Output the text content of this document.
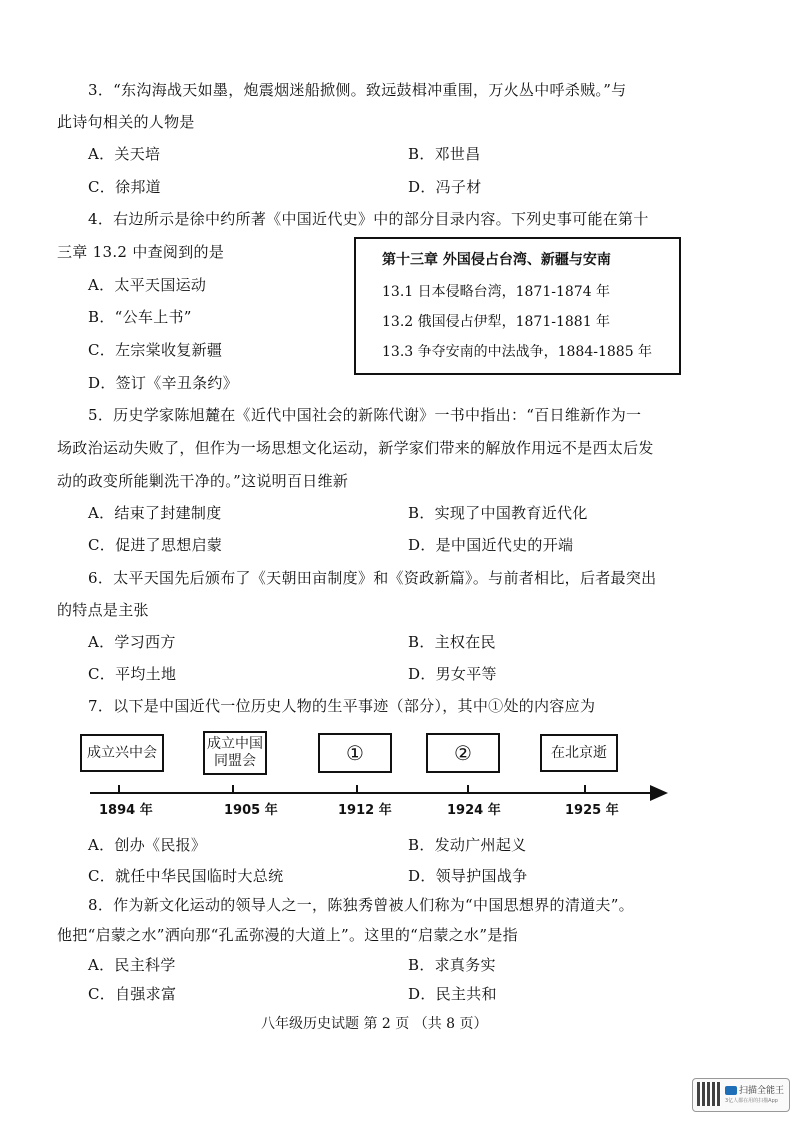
3．“东沟海战天如墨，炮震烟迷船掀侧。致远鼓楫冲重围，万火丛中呼杀贼。”与
此诗句相关的人物是
A．关天培	B．邓世昌
C．徐邦道	D．冯子材
4．右边所示是徐中约所著《中国近代史》中的部分目录内容。下列史事可能在第十
三章 13.2 中查阅到的是
A．太平天国运动
B．“公车上书”
C．左宗棠收复新疆
D．签订《辛丑条约》
第十三章 外国侵占台湾、新疆与安南
13.1 日本侵略台湾，1871-1874 年
13.2 俄国侵占伊犁，1871-1881 年
13.3 争夺安南的中法战争，1884-1885 年
5．历史学家陈旭麓在《近代中国社会的新陈代谢》一书中指出：“百日维新作为一
场政治运动失败了，但作为一场思想文化运动，新学家们带来的解放作用远不是西太后发
动的政变所能剿洗干净的。”这说明百日维新
A．结束了封建制度	B．实现了中国教育近代化
C．促进了思想启蒙	D．是中国近代史的开端
6．太平天国先后颁布了《天朝田亩制度》和《资政新篇》。与前者相比，后者最突出
的特点是主张
A．学习西方	B．主权在民
C．平均土地	D．男女平等
7．以下是中国近代一位历史人物的生平事迹（部分），其中①处的内容应为
成立兴中会
成立中国
同盟会	①	②	在北京逝
1894 年	1905 年	1912 年	1924 年	1925 年
A．创办《民报》	B．发动广州起义
C．就任中华民国临时大总统	D．领导护国战争
8．作为新文化运动的领导人之一，陈独秀曾被人们称为“中国思想界的清道夫”。
他把“启蒙之水”洒向那“孔孟弥漫的大道上”。这里的“启蒙之水”是指
A．民主科学	B．求真务实
C．自强求富	D．民主共和
八年级历史试题 第 2 页 （共 8 页）
扫描全能王
3亿人都在用的扫描App
